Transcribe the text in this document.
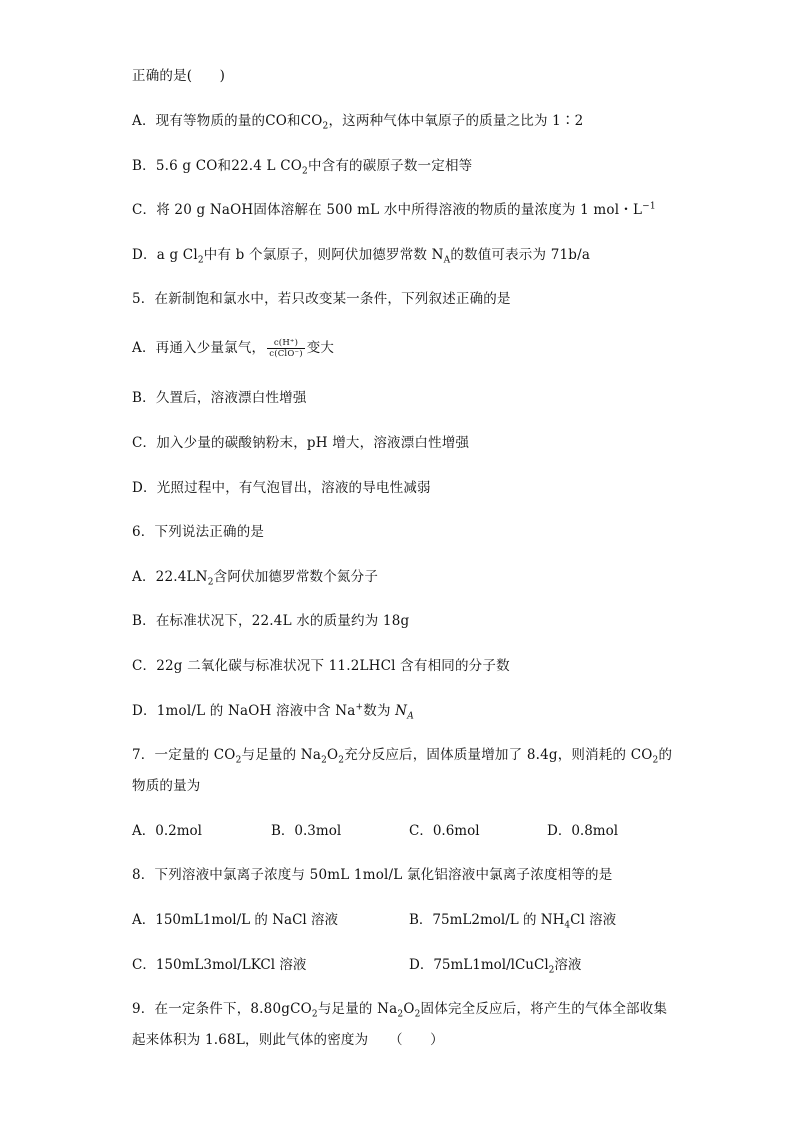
正确的是(　　)
A．现有等物质的量的CO和$CO_2$，这两种气体中氧原子的质量之比为 1∶2
B．5.6 g CO和22.4 L $CO_2$中含有的碳原子数一定相等
C．将 20 g NaOH固体溶解在 500 mL 水中所得溶液的物质的量浓度为 1 mol・$L^{-1}$
D．a g $Cl_2$中有 b 个氯原子，则阿伏加德罗常数 $N_A$的数值可表示为 71b/a
5．在新制饱和氯水中，若只改变某一条件，下列叙述正确的是
A．再通入少量氯气， $\frac{c(H^+)}{\text{c(ClO⁻)}}$ 变大
B．久置后，溶液漂白性增强
C．加入少量的碳酸钠粉末，pH 增大，溶液漂白性增强
D．光照过程中，有气泡冒出，溶液的导电性减弱
6．下列说法正确的是
A．$22.4LN_2$含阿伏加德罗常数个氮分子
B．在标准状况下，22.4L 水的质量约为 18g
C．22g 二氧化碳与标准状况下 11.2LHCl 含有相同的分子数
D．1mol/L 的 NaOH 溶液中含 Na+数为 $N_A$
7．一定量的 $CO_2$与足量的 $Na_2O_2$充分反应后，固体质量增加了 8.4g，则消耗的 $CO_2$的
物质的量为
A．0.2mol	B．0.3mol	C．0.6mol	D．0.8mol
8．下列溶液中氯离子浓度与 50mL 1mol/L 氯化铝溶液中氯离子浓度相等的是
A．150mL1mol/L 的 NaCl 溶液	B．75mL2mol/L 的 $NH_4Cl$ 溶液
C．150mL3mol/LKCl 溶液	D．75mL1mol/lCuCl$_2$溶液
9．在一定条件下，8.80gCO$_2$与足量的 $Na_2O_2$固体完全反应后，将产生的气体全部收集
起来体积为 1.68L，则此气体的密度为　　（　　）
